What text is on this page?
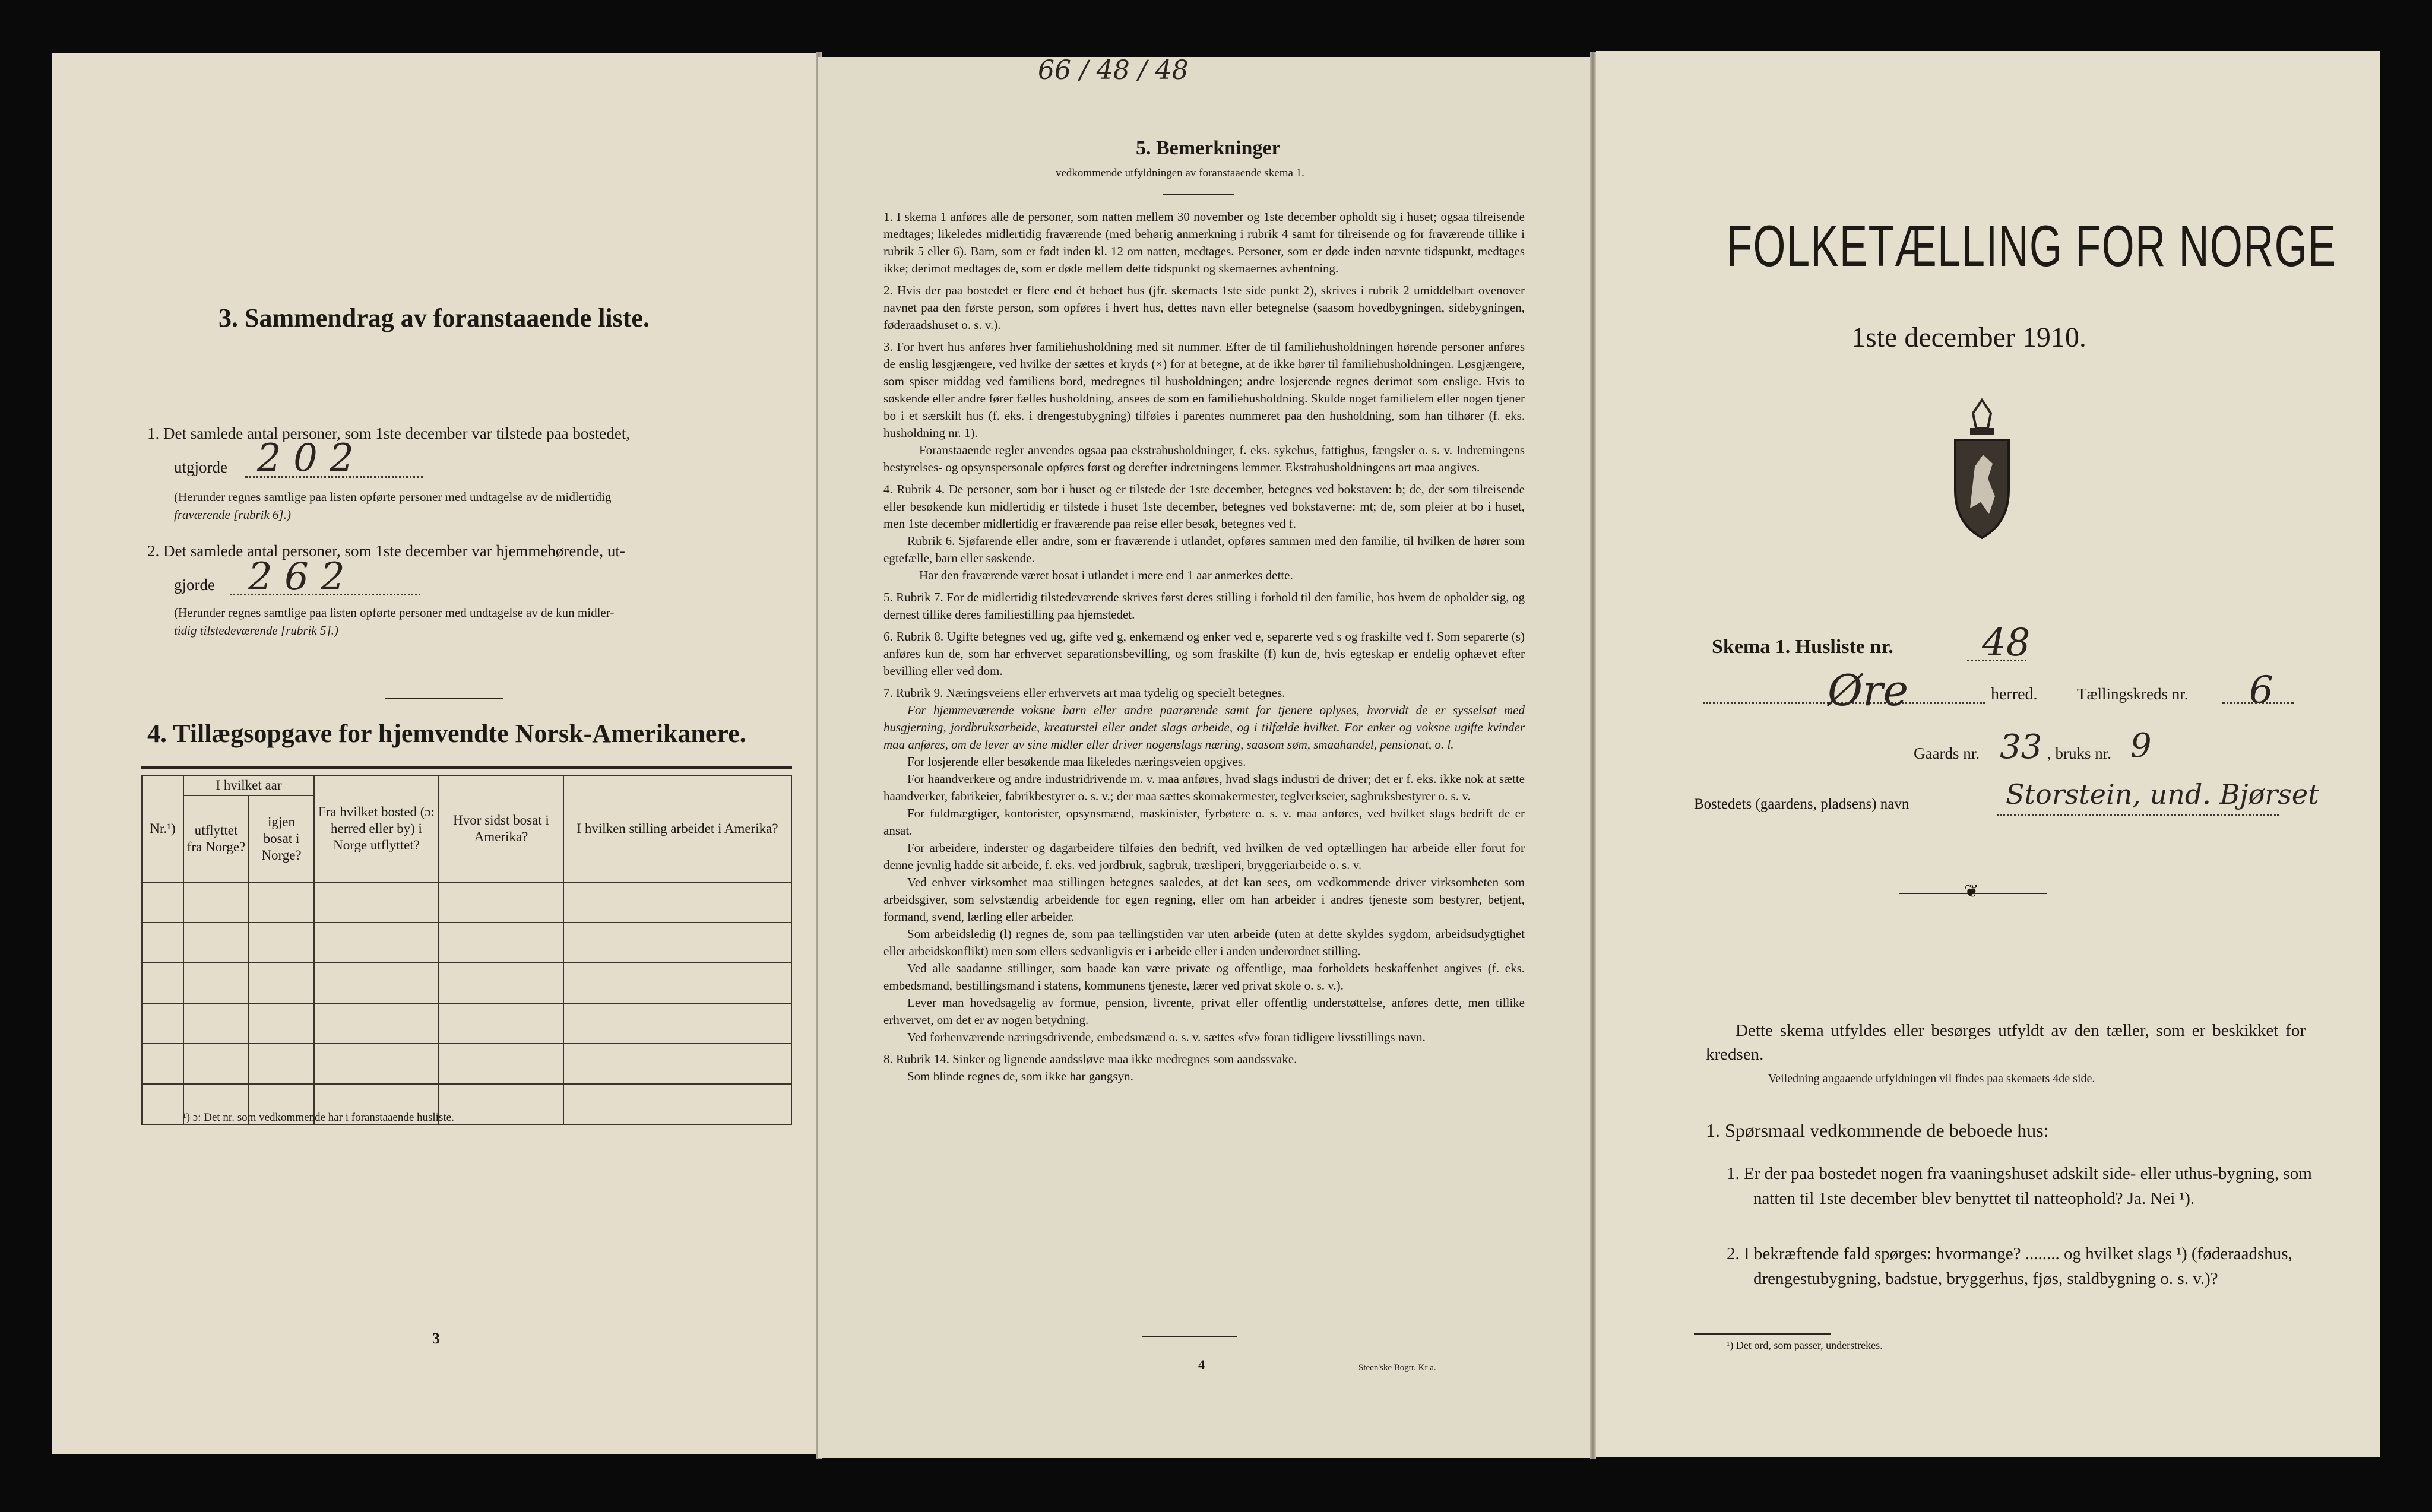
3. Sammendrag av foranstaaende liste.
1. Det samlede antal personer, som 1ste december var tilstede paa bostedet,
utgjorde 2 0 2
(Herunder regnes samtlige paa listen opførte personer med undtagelse av de midlertidig
fraværende [rubrik 6].)
2. Det samlede antal personer, som 1ste december var hjemmehørende, ut-
gjorde 2 6 2
(Herunder regnes samtlige paa listen opførte personer med undtagelse av de kun midler-
tidig tilstedeværende [rubrik 5].)
4. Tillægsopgave for hjemvendte Norsk-Amerikanere.
Nr.¹)	I hvilket aar		Fra hvilket bosted (ɔ: herred eller by) i Norge utflyttet?	Hvor sidst bosat i Amerika?	I hvilken stilling arbeidet i Amerika?
	utflyttet fra Norge?	igjen bosat i Norge?			

¹) ɔ: Det nr. som vedkommende har i foranstaaende husliste.
3
66 / 48 / 48
5. Bemerkninger
vedkommende utfyldningen av foranstaaende skema 1.

1. I skema 1 anføres alle de personer, som natten mellem 30 november og 1ste december opholdt sig i huset; ogsaa tilreisende medtages; likeledes midlertidig fraværende (med behørig anmerkning i rubrik 4 samt for tilreisende og for fraværende tillike i rubrik 5 eller 6). Barn, som er født inden kl. 12 om natten, medtages. Personer, som er døde inden nævnte tidspunkt, medtages ikke; derimot medtages de, som er døde mellem dette tidspunkt og skemaernes avhentning.

2. Hvis der paa bostedet er flere end ét beboet hus (jfr. skemaets 1ste side punkt 2), skrives i rubrik 2 umiddelbart ovenover navnet paa den første person, som opføres i hvert hus, dettes navn eller betegnelse (saasom hovedbygningen, sidebygningen, føderaadshuset o. s. v.).

3. For hvert hus anføres hver familiehusholdning med sit nummer. Efter de til familiehusholdningen hørende personer anføres de enslig løsgjængere, ved hvilke der sættes et kryds (×) for at betegne, at de ikke hører til familiehusholdningen. Løsgjængere, som spiser middag ved familiens bord, medregnes til husholdningen; andre losjerende regnes derimot som enslige. Hvis to søskende eller andre fører fælles husholdning, ansees de som en familiehusholdning. Skulde noget familielem eller nogen tjener bo i et særskilt hus (f. eks. i drengestubygning) tilføies i parentes nummeret paa den husholdning, som han tilhører (f. eks. husholdning nr. 1).

Foranstaaende regler anvendes ogsaa paa ekstrahusholdninger, f. eks. sykehus, fattighus, fængsler o. s. v. Indretningens bestyrelses- og opsynspersonale opføres først og derefter indretningens lemmer. Ekstrahusholdningens art maa angives.

4. Rubrik 4. De personer, som bor i huset og er tilstede der 1ste december, betegnes ved bokstaven: b; de, der som tilreisende eller besøkende kun midlertidig er tilstede i huset 1ste december, betegnes ved bokstaverne: mt; de, som pleier at bo i huset, men 1ste december midlertidig er fraværende paa reise eller besøk, betegnes ved f.

Rubrik 6. Sjøfarende eller andre, som er fraværende i utlandet, opføres sammen med den familie, til hvilken de hører som egtefælle, barn eller søskende.

Har den fraværende været bosat i utlandet i mere end 1 aar anmerkes dette.

5. Rubrik 7. For de midlertidig tilstedeværende skrives først deres stilling i forhold til den familie, hos hvem de opholder sig, og dernest tillike deres familiestilling paa hjemstedet.

6. Rubrik 8. Ugifte betegnes ved ug, gifte ved g, enkemænd og enker ved e, separerte ved s og fraskilte ved f. Som separerte (s) anføres kun de, som har erhvervet separationsbevilling, og som fraskilte (f) kun de, hvis egteskap er endelig ophævet efter bevilling eller ved dom.

7. Rubrik 9. Næringsveiens eller erhvervets art maa tydelig og specielt betegnes.

For hjemmeværende voksne barn eller andre paarørende samt for tjenere oplyses, hvorvidt de er sysselsat med husgjerning, jordbruksarbeide, kreaturstel eller andet slags arbeide, og i tilfælde hvilket. For enker og voksne ugifte kvinder maa anføres, om de lever av sine midler eller driver nogenslags næring, saasom søm, smaahandel, pensionat, o. l.

For losjerende eller besøkende maa likeledes næringsveien opgives.

For haandverkere og andre industridrivende m. v. maa anføres, hvad slags industri de driver; det er f. eks. ikke nok at sætte haandverker, fabrikeier, fabrikbestyrer o. s. v.; der maa sættes skomakermester, teglverkseier, sagbruksbestyrer o. s. v.

For fuldmægtiger, kontorister, opsynsmænd, maskinister, fyrbøtere o. s. v. maa anføres, ved hvilket slags bedrift de er ansat.

For arbeidere, inderster og dagarbeidere tilføies den bedrift, ved hvilken de ved optællingen har arbeide eller forut for denne jevnlig hadde sit arbeide, f. eks. ved jordbruk, sagbruk, træsliperi, bryggeriarbeide o. s. v.

Ved enhver virksomhet maa stillingen betegnes saaledes, at det kan sees, om vedkommende driver virksomheten som arbeidsgiver, som selvstændig arbeidende for egen regning, eller om han arbeider i andres tjeneste som bestyrer, betjent, formand, svend, lærling eller arbeider.

Som arbeidsledig (l) regnes de, som paa tællingstiden var uten arbeide (uten at dette skyldes sygdom, arbeidsudygtighet eller arbeidskonflikt) men som ellers sedvanligvis er i arbeide eller i anden underordnet stilling.

Ved alle saadanne stillinger, som baade kan være private og offentlige, maa forholdets beskaffenhet angives (f. eks. embedsmand, bestillingsmand i statens, kommunens tjeneste, lærer ved privat skole o. s. v.).

Lever man hovedsagelig av formue, pension, livrente, privat eller offentlig understøttelse, anføres dette, men tillike erhvervet, om det er av nogen betydning.

Ved forhenværende næringsdrivende, embedsmænd o. s. v. sættes «fv» foran tidligere livsstillings navn.

8. Rubrik 14. Sinker og lignende aandssløve maa ikke medregnes som aandssvake.

Som blinde regnes de, som ikke har gangsyn.

4	Steen'ske Bogtr. Kr a.
FOLKETÆLLING FOR NORGE
1ste december 1910.
Skema 1. Husliste nr. 48
Øre	herred. Tællingskreds nr. 6
Gaards nr. 33 , bruks nr. 9
Bostedets (gaardens, pladsens) navn	Storstein, und. Bjørset
❦
Dette skema utfyldes eller besørges utfyldt av den tæller, som er beskikket for kredsen.
Veiledning angaaende utfyldningen vil findes paa skemaets 4de side.
1. Spørsmaal vedkommende de beboede hus:
1. Er der paa bostedet nogen fra vaaningshuset adskilt side- eller uthus-bygning, som natten til 1ste december blev benyttet til natteophold? Ja. Nei ¹).
2. I bekræftende fald spørges: hvormange? ........ og hvilket slags ¹) (føderaadshus, drengestubygning, badstue, bryggerhus, fjøs, staldbygning o. s. v.)?
¹) Det ord, som passer, understrekes.
